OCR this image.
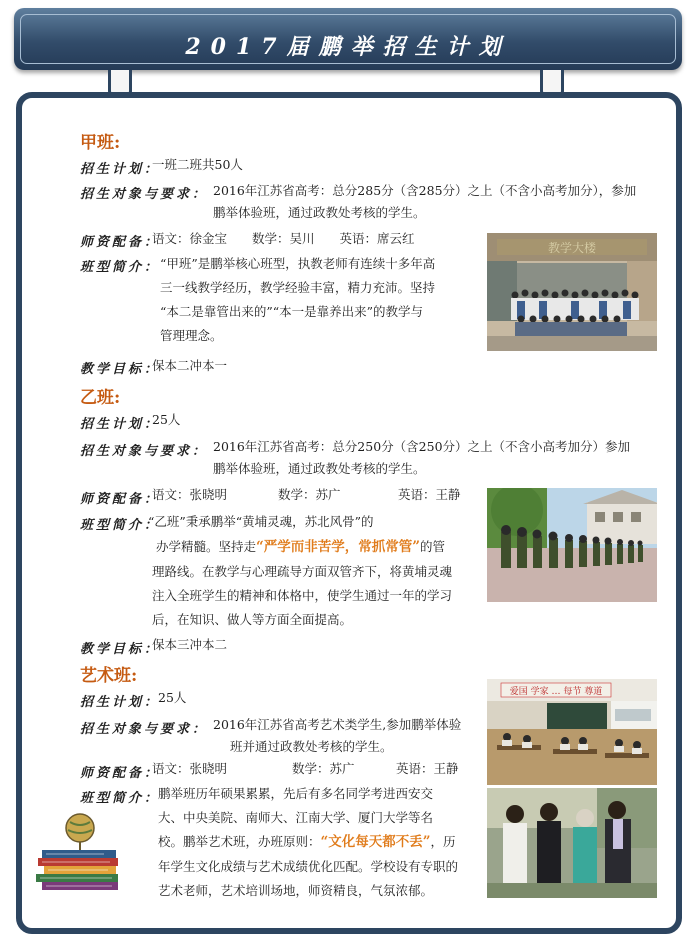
2017届鹏举招生计划
甲班:
招生计划：
一班二班共50人
招生对象与要求： 2016年江苏省高考：总分285分（含285分）之上（不含小高考加分），参加
鹏举体验班，通过政教处考核的学生。
师资配备：
语文：徐金宝　　数学：吴川　　英语：席云红
班型简介： “甲班”是鹏举核心班型，执教老师有连续十多年高
三一线教学经历，教学经验丰富，精力充沛。坚持
“本二是靠管出来的”“本一是靠养出来”的教学与
管理理念。
教学目标：
保本二冲本一
教学大楼
乙班:
招生计划：
25人
招生对象与要求： 2016年江苏省高考：总分250分（含250分）之上（不含小高考加分）参加
鹏举体验班，通过政教处考核的学生。
师资配备：
语文：张晓明	数学：苏广	英语：王静
班型简介：
“乙班”秉承鹏举“黄埔灵魂，苏北风骨”的
办学精髓。坚持走“严学而非苦学，常抓常管”的管
理路线。在教学与心理疏导方面双管齐下，将黄埔灵魂
注入全班学生的精神和体格中，使学生通过一年的学习
后，在知识、做人等方面全面提高。
教学目标：
保本三冲本二
艺术班:
招生计划：
25人
招生对象与要求： 2016年江苏省高考艺术类学生,参加鹏举体验
班并通过政教处考核的学生。
师资配备：
语文：张晓明	数学：苏广	英语：王静
班型简介：
鹏举班历年硕果累累，先后有多名同学考进西安交
大、中央美院、南师大、江南大学、厦门大学等名
校。鹏举艺术班，办班原则：“文化每天都不丢”，历
年学生文化成绩与艺术成绩优化匹配。学校设有专职的
艺术老师，艺术培训场地，师资精良，气氛浓郁。
爱国 学家 … 每节 尊道
